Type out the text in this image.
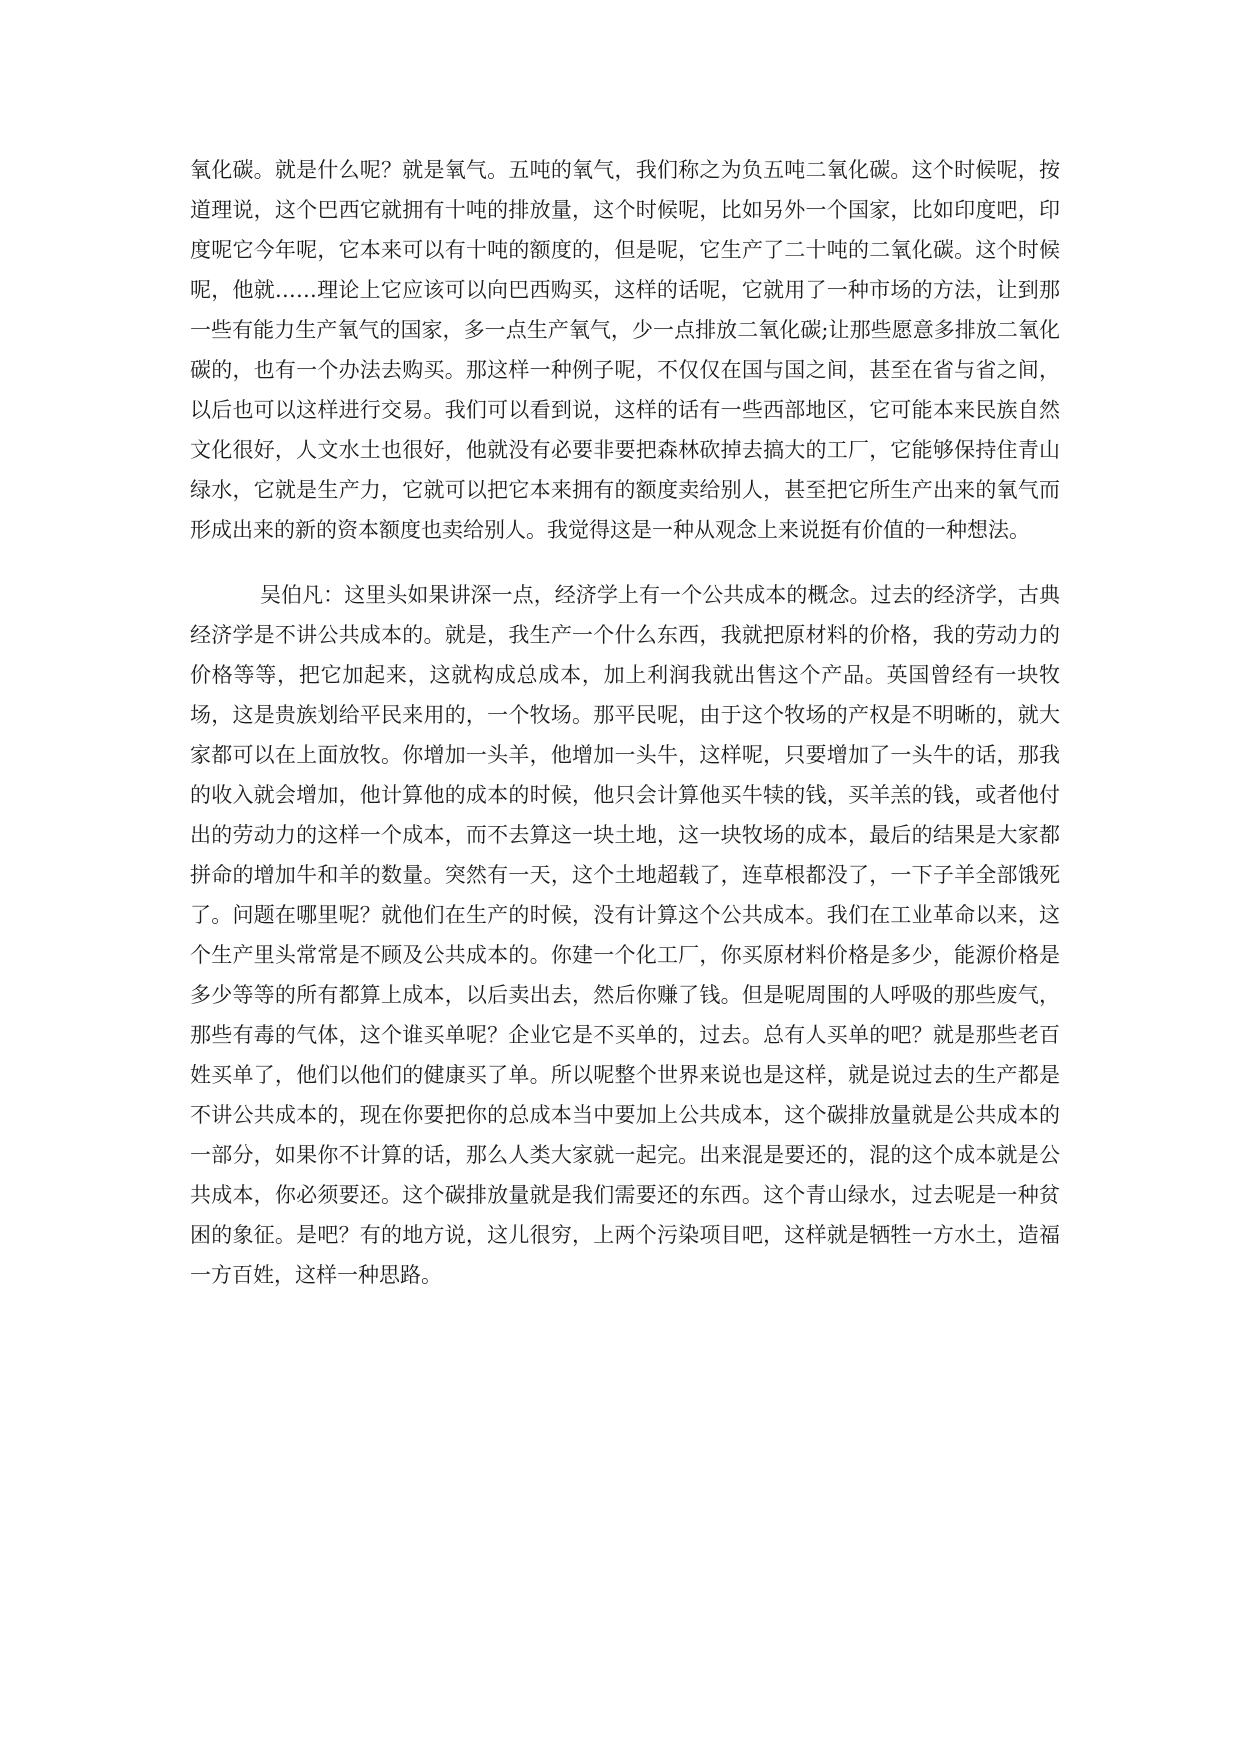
氧化碳。就是什么呢？就是氧气。五吨的氧气，我们称之为负五吨二氧化碳。这个时候呢，按道理说，这个巴西它就拥有十吨的排放量，这个时候呢，比如另外一个国家，比如印度吧，印度呢它今年呢，它本来可以有十吨的额度的，但是呢，它生产了二十吨的二氧化碳。这个时候呢，他就……理论上它应该可以向巴西购买，这样的话呢，它就用了一种市场的方法，让到那一些有能力生产氧气的国家，多一点生产氧气，少一点排放二氧化碳;让那些愿意多排放二氧化碳的，也有一个办法去购买。那这样一种例子呢，不仅仅在国与国之间，甚至在省与省之间，以后也可以这样进行交易。我们可以看到说，这样的话有一些西部地区，它可能本来民族自然文化很好，人文水土也很好，他就没有必要非要把森林砍掉去搞大的工厂，它能够保持住青山绿水，它就是生产力，它就可以把它本来拥有的额度卖给别人，甚至把它所生产出来的氧气而形成出来的新的资本额度也卖给别人。我觉得这是一种从观念上来说挺有价值的一种想法。

吴伯凡：这里头如果讲深一点，经济学上有一个公共成本的概念。过去的经济学，古典经济学是不讲公共成本的。就是，我生产一个什么东西，我就把原材料的价格，我的劳动力的价格等等，把它加起来，这就构成总成本，加上利润我就出售这个产品。英国曾经有一块牧场，这是贵族划给平民来用的，一个牧场。那平民呢，由于这个牧场的产权是不明晰的，就大家都可以在上面放牧。你增加一头羊，他增加一头牛，这样呢，只要增加了一头牛的话，那我的收入就会增加，他计算他的成本的时候，他只会计算他买牛犊的钱，买羊羔的钱，或者他付出的劳动力的这样一个成本，而不去算这一块土地，这一块牧场的成本，最后的结果是大家都拼命的增加牛和羊的数量。突然有一天，这个土地超载了，连草根都没了，一下子羊全部饿死了。问题在哪里呢？就他们在生产的时候，没有计算这个公共成本。我们在工业革命以来，这个生产里头常常是不顾及公共成本的。你建一个化工厂，你买原材料价格是多少，能源价格是多少等等的所有都算上成本，以后卖出去，然后你赚了钱。但是呢周围的人呼吸的那些废气，那些有毒的气体，这个谁买单呢？企业它是不买单的，过去。总有人买单的吧？就是那些老百姓买单了，他们以他们的健康买了单。所以呢整个世界来说也是这样，就是说过去的生产都是不讲公共成本的，现在你要把你的总成本当中要加上公共成本，这个碳排放量就是公共成本的一部分，如果你不计算的话，那么人类大家就一起完。出来混是要还的，混的这个成本就是公共成本，你必须要还。这个碳排放量就是我们需要还的东西。这个青山绿水，过去呢是一种贫困的象征。是吧？有的地方说，这儿很穷，上两个污染项目吧，这样就是牺牲一方水土，造福一方百姓，这样一种思路。
